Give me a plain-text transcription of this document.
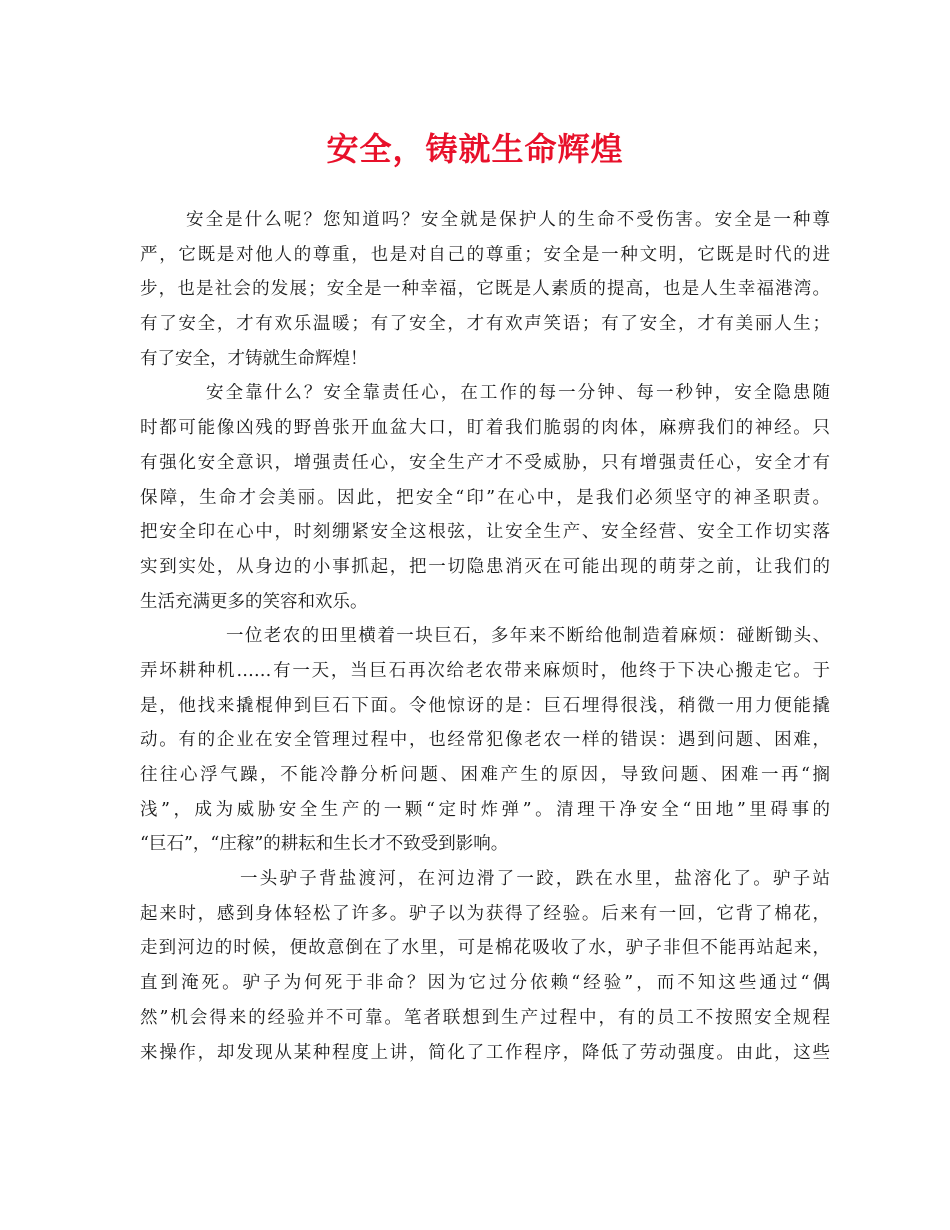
安全，铸就生命辉煌
安全是什么呢？您知道吗？安全就是保护人的生命不受伤害。安全是一种尊
严，它既是对他人的尊重，也是对自己的尊重；安全是一种文明，它既是时代的进
步，也是社会的发展；安全是一种幸福，它既是人素质的提高，也是人生幸福港湾。
有了安全，才有欢乐温暖；有了安全，才有欢声笑语；有了安全，才有美丽人生；
有了安全，才铸就生命辉煌！
安全靠什么？安全靠责任心，在工作的每一分钟、每一秒钟，安全隐患随
时都可能像凶残的野兽张开血盆大口，盯着我们脆弱的肉体，麻痹我们的神经。只
有强化安全意识，增强责任心，安全生产才不受威胁，只有增强责任心，安全才有
保障，生命才会美丽。因此，把安全“印”在心中，是我们必须坚守的神圣职责。
把安全印在心中，时刻绷紧安全这根弦，让安全生产、安全经营、安全工作切实落
实到实处，从身边的小事抓起，把一切隐患消灭在可能出现的萌芽之前，让我们的
生活充满更多的笑容和欢乐。
一位老农的田里横着一块巨石，多年来不断给他制造着麻烦：碰断锄头、
弄坏耕种机……有一天，当巨石再次给老农带来麻烦时，他终于下决心搬走它。于
是，他找来撬棍伸到巨石下面。令他惊讶的是：巨石埋得很浅，稍微一用力便能撬
动。有的企业在安全管理过程中，也经常犯像老农一样的错误：遇到问题、困难，
往往心浮气躁，不能冷静分析问题、困难产生的原因，导致问题、困难一再“搁
浅”，成为威胁安全生产的一颗“定时炸弹”。清理干净安全“田地”里碍事的
“巨石”，“庄稼”的耕耘和生长才不致受到影响。
一头驴子背盐渡河，在河边滑了一跤，跌在水里，盐溶化了。驴子站
起来时，感到身体轻松了许多。驴子以为获得了经验。后来有一回，它背了棉花，
走到河边的时候，便故意倒在了水里，可是棉花吸收了水，驴子非但不能再站起来，
直到淹死。驴子为何死于非命？因为它过分依赖“经验”，而不知这些通过“偶
然”机会得来的经验并不可靠。笔者联想到生产过程中，有的员工不按照安全规程
来操作，却发现从某种程度上讲，简化了工作程序，降低了劳动强度。由此，这些
